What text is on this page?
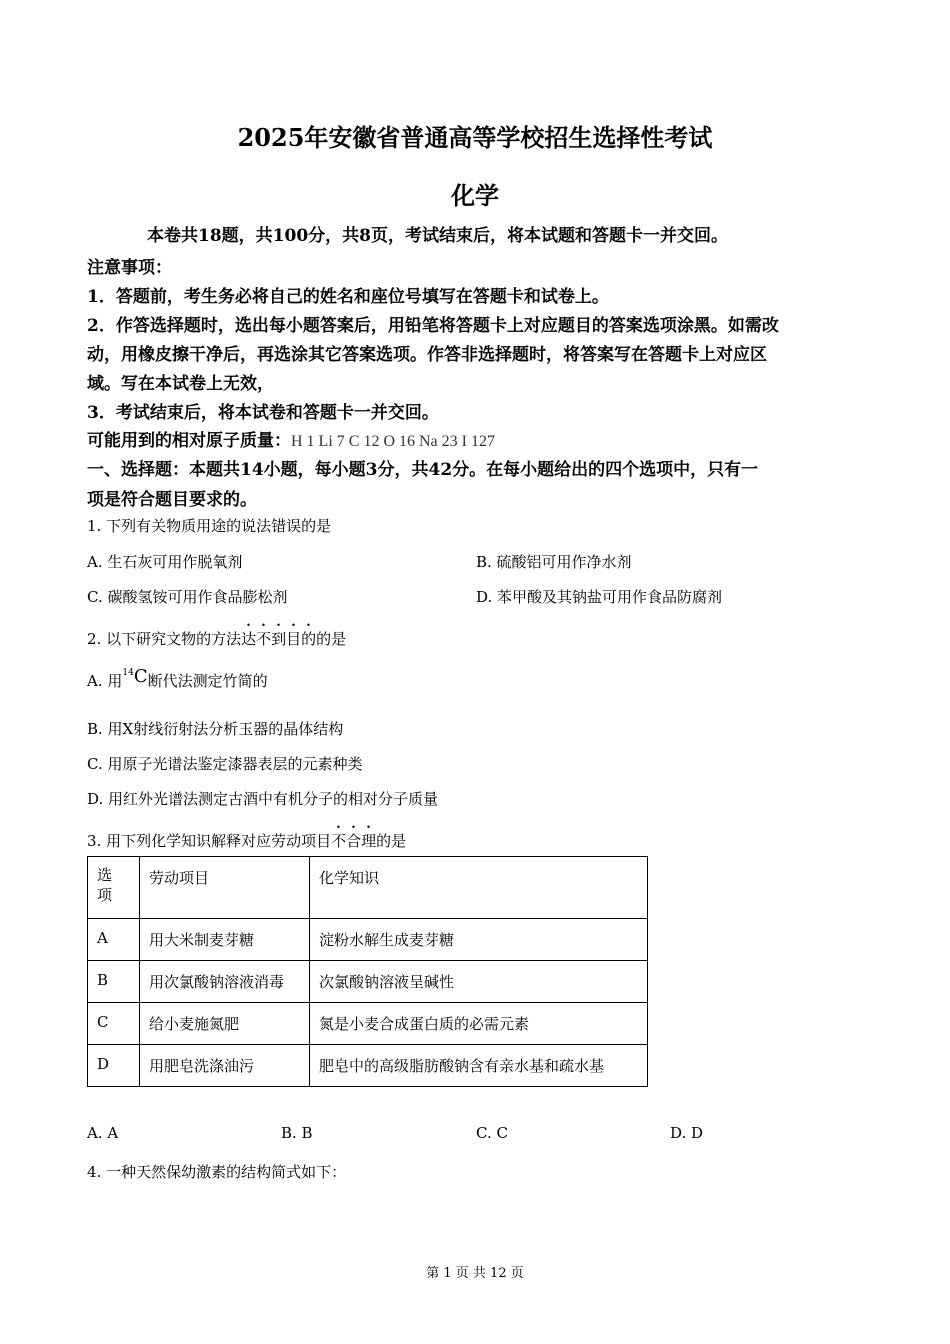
2025年安徽省普通高等学校招生选择性考试
化学
本卷共18题，共100分，共8页，考试结束后，将本试题和答题卡一并交回。
注意事项：
1．答题前，考生务必将自己的姓名和座位号填写在答题卡和试卷上。
2．作答选择题时，选出每小题答案后，用铅笔将答题卡上对应题目的答案选项涂黑。如需改
动，用橡皮擦干净后，再选涂其它答案选项。作答非选择题时，将答案写在答题卡上对应区
域。写在本试卷上无效，
3．考试结束后，将本试卷和答题卡一并交回。
可能用到的相对原子质量：H 1 Li 7 C 12 O 16 Na 23 I 127
一、选择题：本题共14小题，每小题3分，共42分。在每小题给出的四个选项中，只有一
项是符合题目要求的。
1. 下列有关物质用途的说法错误的是
A. 生石灰可用作脱氧剂	B. 硫酸铝可用作净水剂
C. 碳酸氢铵可用作食品膨松剂	D. 苯甲酸及其钠盐可用作食品防腐剂
2. 以下研究文物的方法达不到目的的是
A. 用$^{14}$C断代法测定竹简的
B. 用X射线衍射法分析玉器的晶体结构
C. 用原子光谱法鉴定漆器表层的元素种类
D. 用红外光谱法测定古酒中有机分子的相对分子质量
3. 用下列化学知识解释对应劳动项目不合理的是
选项	劳动项目	化学知识
A	用大米制麦芽糖	淀粉水解生成麦芽糖
B	用次氯酸钠溶液消毒	次氯酸钠溶液呈碱性
C	给小麦施氮肥	氮是小麦合成蛋白质的必需元素
D	用肥皂洗涤油污	肥皂中的高级脂肪酸钠含有亲水基和疏水基
A. A	B. B	C. C	D. D
4. 一种天然保幼激素的结构简式如下：
第 1 页 共 12 页
